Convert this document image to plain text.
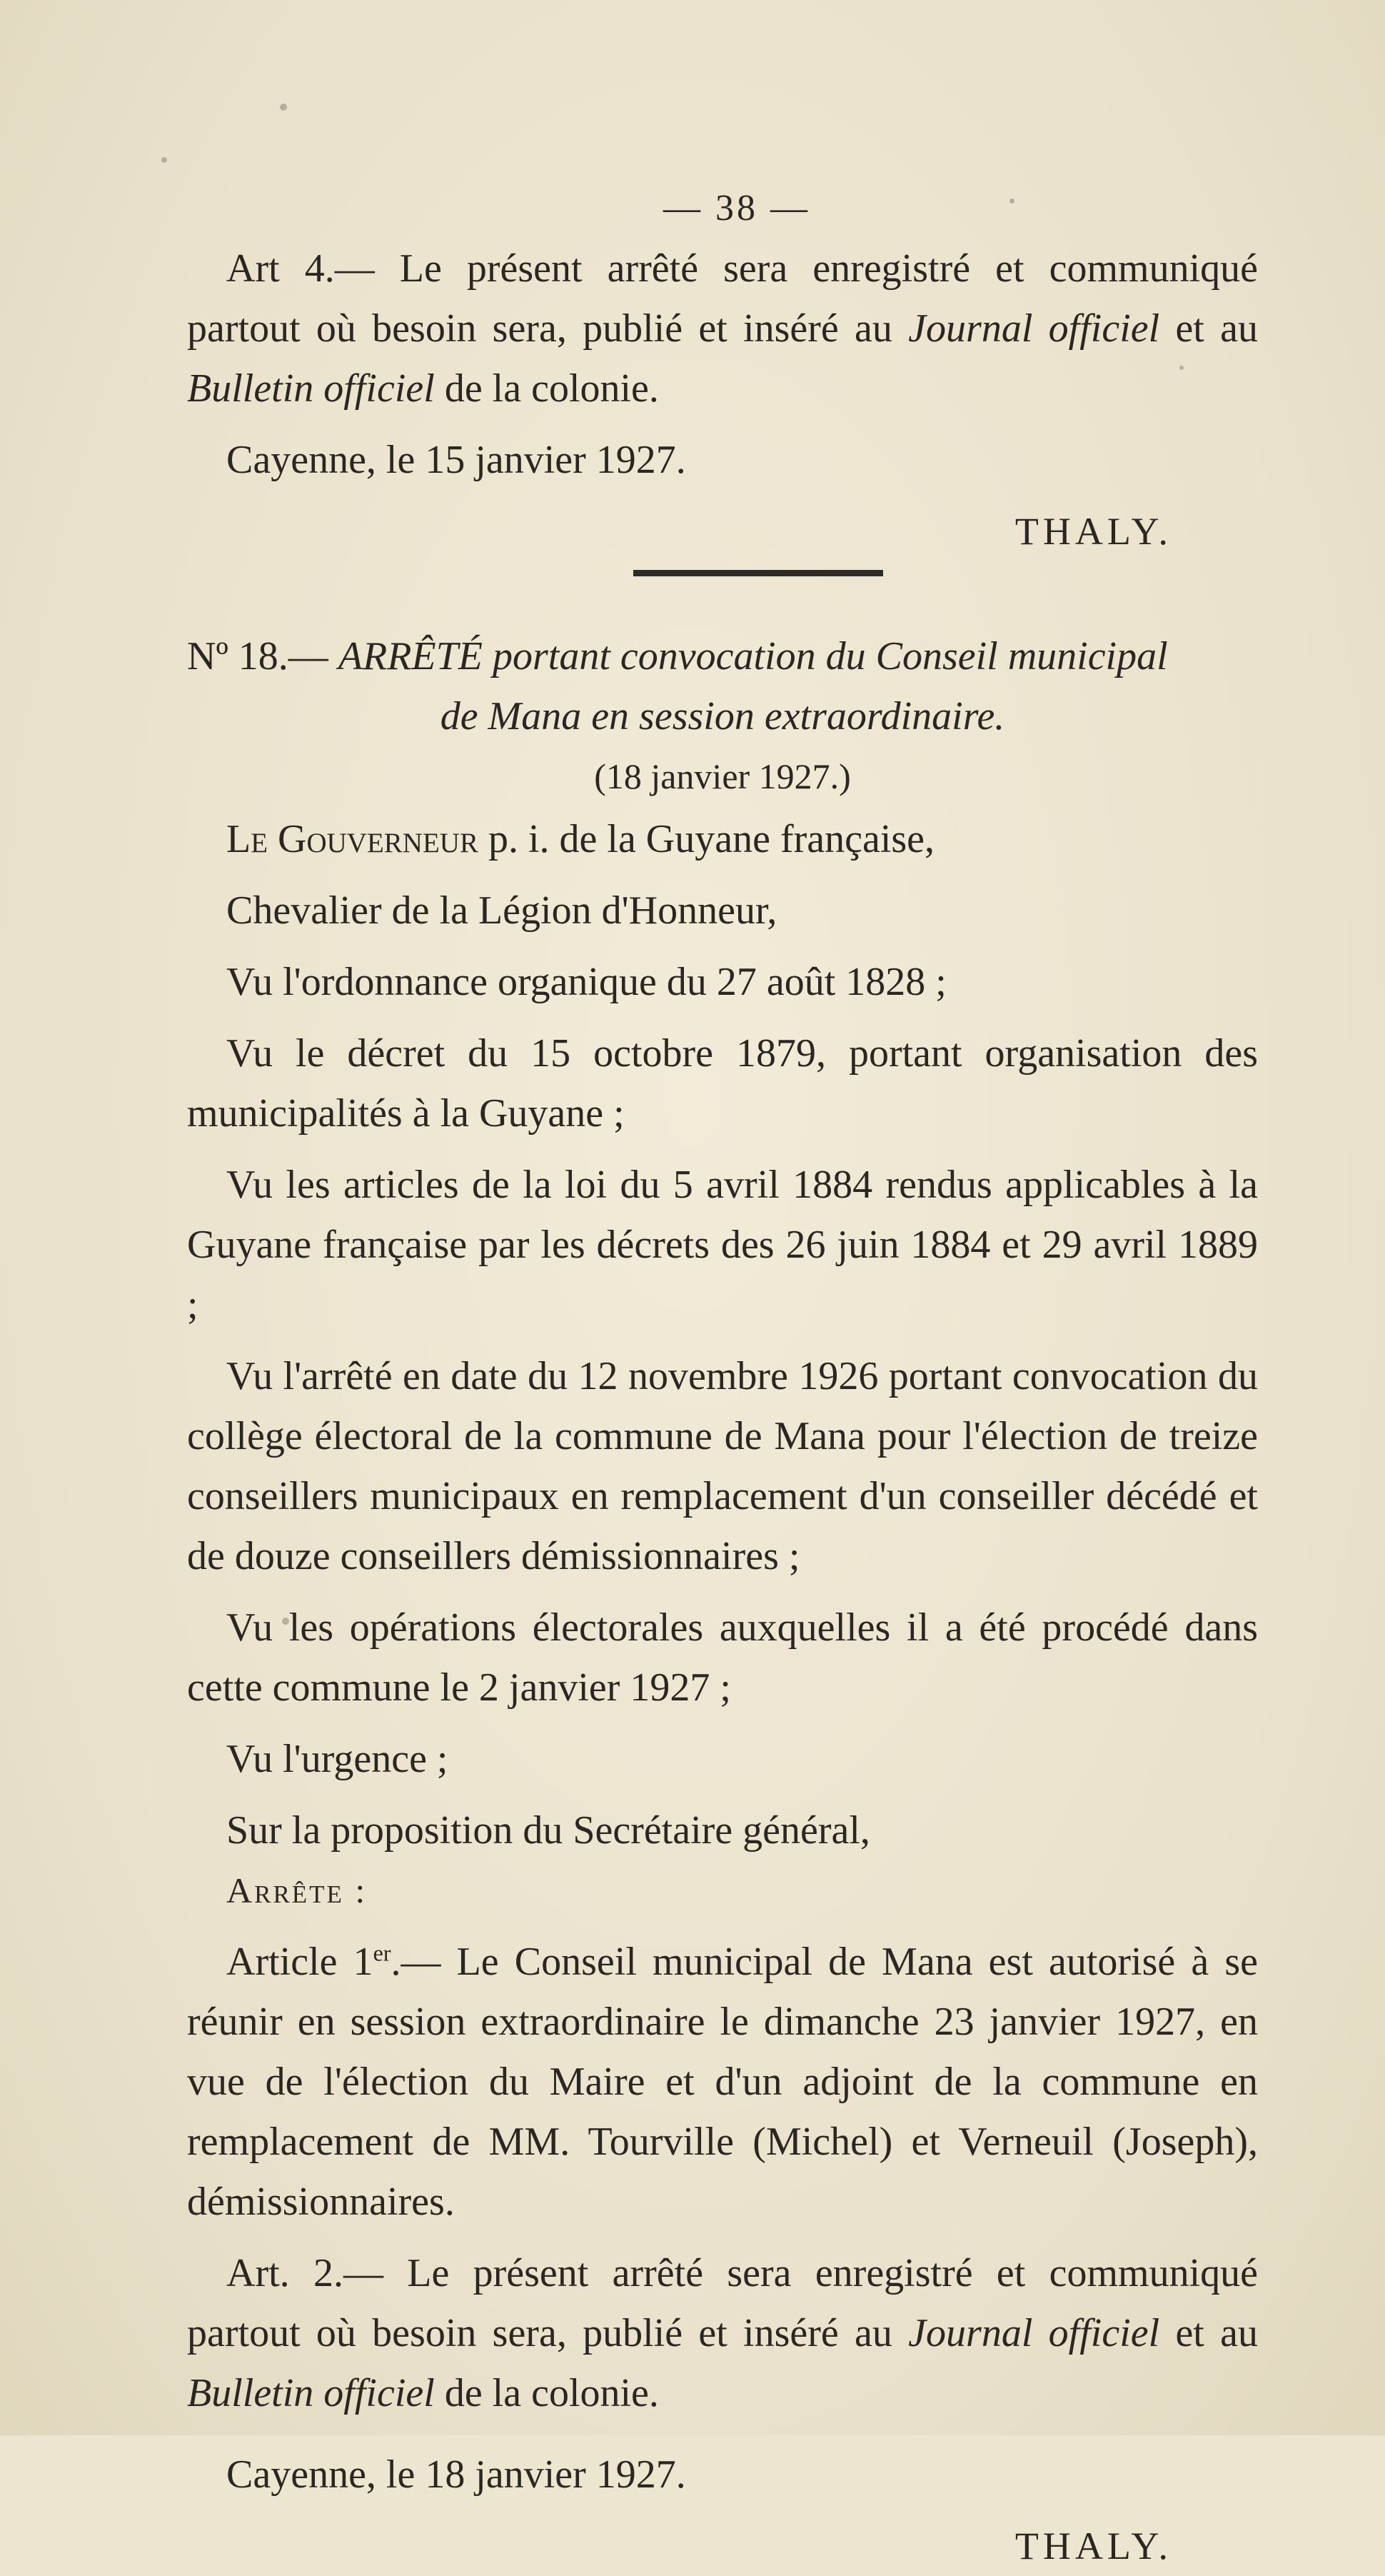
— 38 —

Art 4.— Le présent arrêté sera enregistré et communiqué partout où besoin sera, publié et inséré au Journal officiel et au Bulletin officiel de la colonie.

Cayenne, le 15 janvier 1927.

THALY.

Nº 18.— ARRÊTÉ portant convocation du Conseil municipal

de Mana en session extraordinaire.

(18 janvier 1927.)

Le Gouverneur p. i. de la Guyane française,

Chevalier de la Légion d'Honneur,

Vu l'ordonnance organique du 27 août 1828 ;

Vu le décret du 15 octobre 1879, portant organisation des municipalités à la Guyane ;

Vu les articles de la loi du 5 avril 1884 rendus applicables à la Guyane française par les décrets des 26 juin 1884 et 29 avril 1889 ;

Vu l'arrêté en date du 12 novembre 1926 portant convocation du collège électoral de la commune de Mana pour l'élection de treize conseillers municipaux en remplacement d'un conseiller décédé et de douze conseillers démissionnaires ;

Vu les opérations électorales auxquelles il a été procédé dans cette commune le 2 janvier 1927 ;

Vu l'urgence ;

Sur la proposition du Secrétaire général,

Arrête :

Article 1er.— Le Conseil municipal de Mana est autorisé à se réunir en session extraordinaire le dimanche 23 janvier 1927, en vue de l'élection du Maire et d'un adjoint de la commune en remplacement de MM. Tourville (Michel) et Verneuil (Joseph), démissionnaires.

Art. 2.— Le présent arrêté sera enregistré et communiqué partout où besoin sera, publié et inséré au Journal officiel et au Bulletin officiel de la colonie.

Cayenne, le 18 janvier 1927.

THALY.
